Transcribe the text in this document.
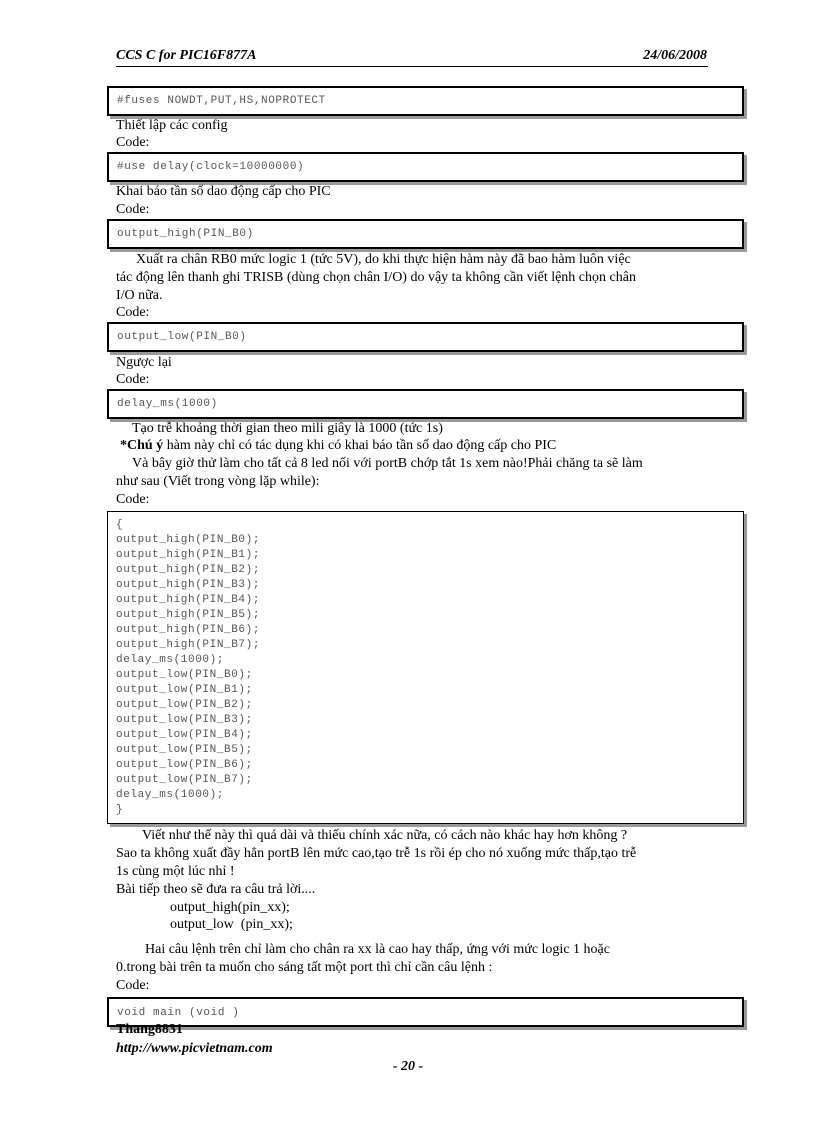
CCS C for PIC16F877A	24/06/2008
#fuses NOWDT,PUT,HS,NOPROTECT
Thiết lập các config
Code:
#use delay(clock=10000000)
Khai báo tần số dao động cấp cho PIC
Code:
output_high(PIN_B0)
Xuất ra chân RB0 mức logic 1 (tức 5V), do khi thực hiện hàm này đã bao hàm luôn việc
tác động lên thanh ghi TRISB (dùng chọn chân I/O) do vậy ta không cần viết lệnh chọn chân
I/O nữa.
Code:
output_low(PIN_B0)
Ngược lại
Code:
delay_ms(1000)
Tạo trễ khoảng thời gian theo mili giây là 1000 (tức 1s)
*Chú ý hàm này chỉ có tác dụng khi có khai báo tần số dao động cấp cho PIC
Và bây giờ thử làm cho tất cả 8 led nối với portB chớp tắt 1s xem nào!Phải chăng ta sẽ làm
như sau (Viết trong vòng lặp while):
Code:
{
output_high(PIN_B0);
output_high(PIN_B1);
output_high(PIN_B2);
output_high(PIN_B3);
output_high(PIN_B4);
output_high(PIN_B5);
output_high(PIN_B6);
output_high(PIN_B7);
delay_ms(1000);
output_low(PIN_B0);
output_low(PIN_B1);
output_low(PIN_B2);
output_low(PIN_B3);
output_low(PIN_B4);
output_low(PIN_B5);
output_low(PIN_B6);
output_low(PIN_B7);
delay_ms(1000);
}
Viết như thế này thì quá dài và thiếu chính xác nữa, có cách nào khác hay hơn không ?
Sao ta không xuất đầy hẳn portB lên mức cao,tạo trễ 1s rồi ép cho nó xuống mức thấp,tạo trễ
1s cùng một lúc nhỉ !
Bài tiếp theo sẽ đưa ra câu trả lời....
output_high(pin_xx);
output_low  (pin_xx);
Hai câu lệnh trên chỉ làm cho chân ra xx là cao hay thấp, ứng với mức logic 1 hoặc
0.trong bài trên ta muốn cho sáng tất một port thì chỉ cần câu lệnh :
Code:
void main (void )
Thang8831
http://www.picvietnam.com
- 20 -
